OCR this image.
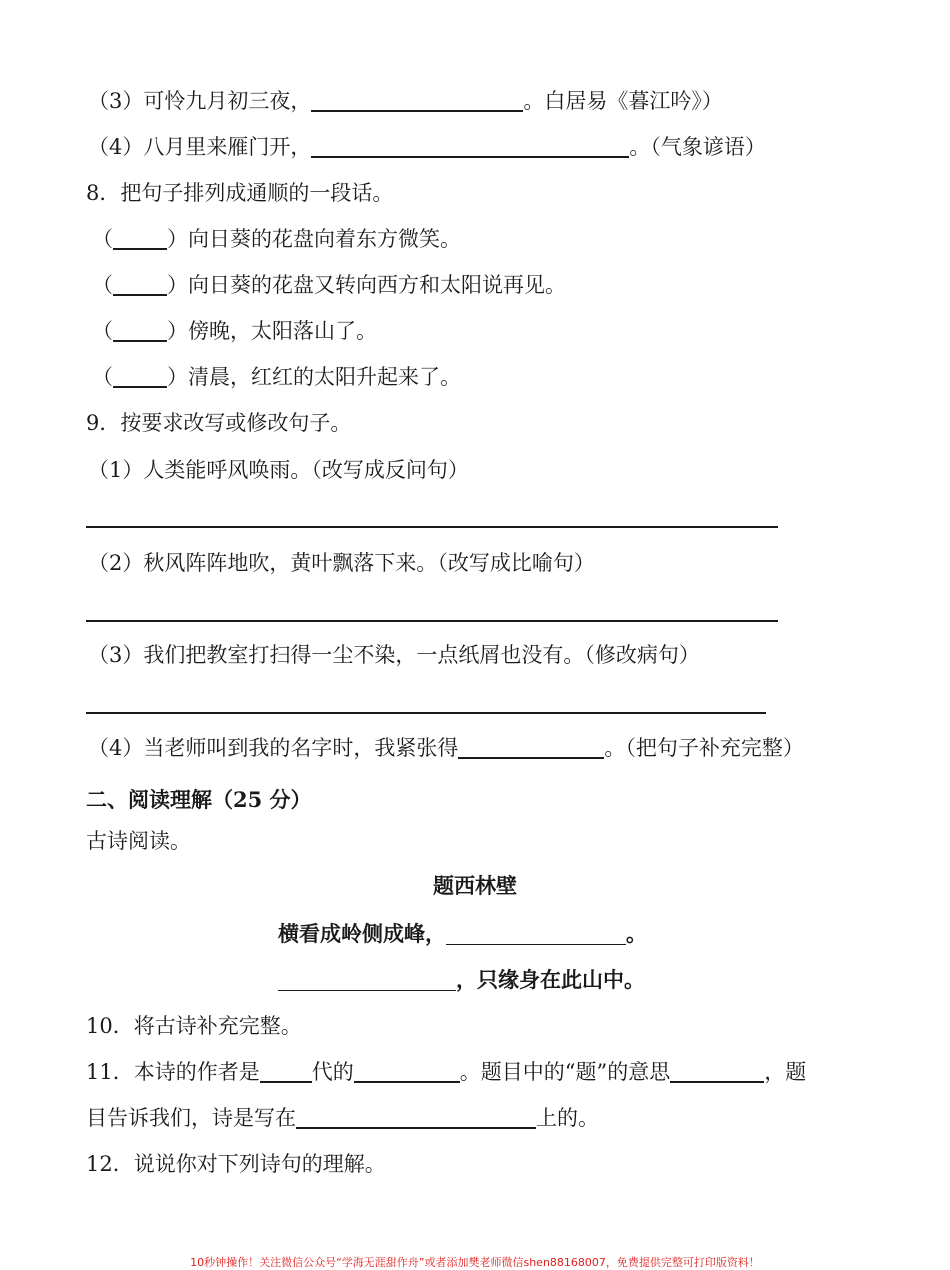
（3）可怜九月初三夜，	。白居易《暮江吟》）
（4）八月里来雁门开，	。（气象谚语）
8．把句子排列成通顺的一段话。
（	）向日葵的花盘向着东方微笑。
（	）向日葵的花盘又转向西方和太阳说再见。
（	）傍晚，太阳落山了。
（	）清晨，红红的太阳升起来了。
9．按要求改写或修改句子。
（1）人类能呼风唤雨。（改写成反问句）
（2）秋风阵阵地吹，黄叶飘落下来。（改写成比喻句）
（3）我们把教室打扫得一尘不染，一点纸屑也没有。（修改病句）
（4）当老师叫到我的名字时，我紧张得	。（把句子补充完整）
二、阅读理解（25 分）
古诗阅读。
题西林壁
横看成岭侧成峰，	。
，只缘身在此山中。
10．将古诗补充完整。
11．本诗的作者是 代的	。题目中的“题”的意思	，题
目告诉我们，诗是写在	上的。
12．说说你对下列诗句的理解。
10秒钟操作！关注微信公众号“学海无涯甜作舟”或者添加樊老师微信shen88168007，免费提供完整可打印版资料！
